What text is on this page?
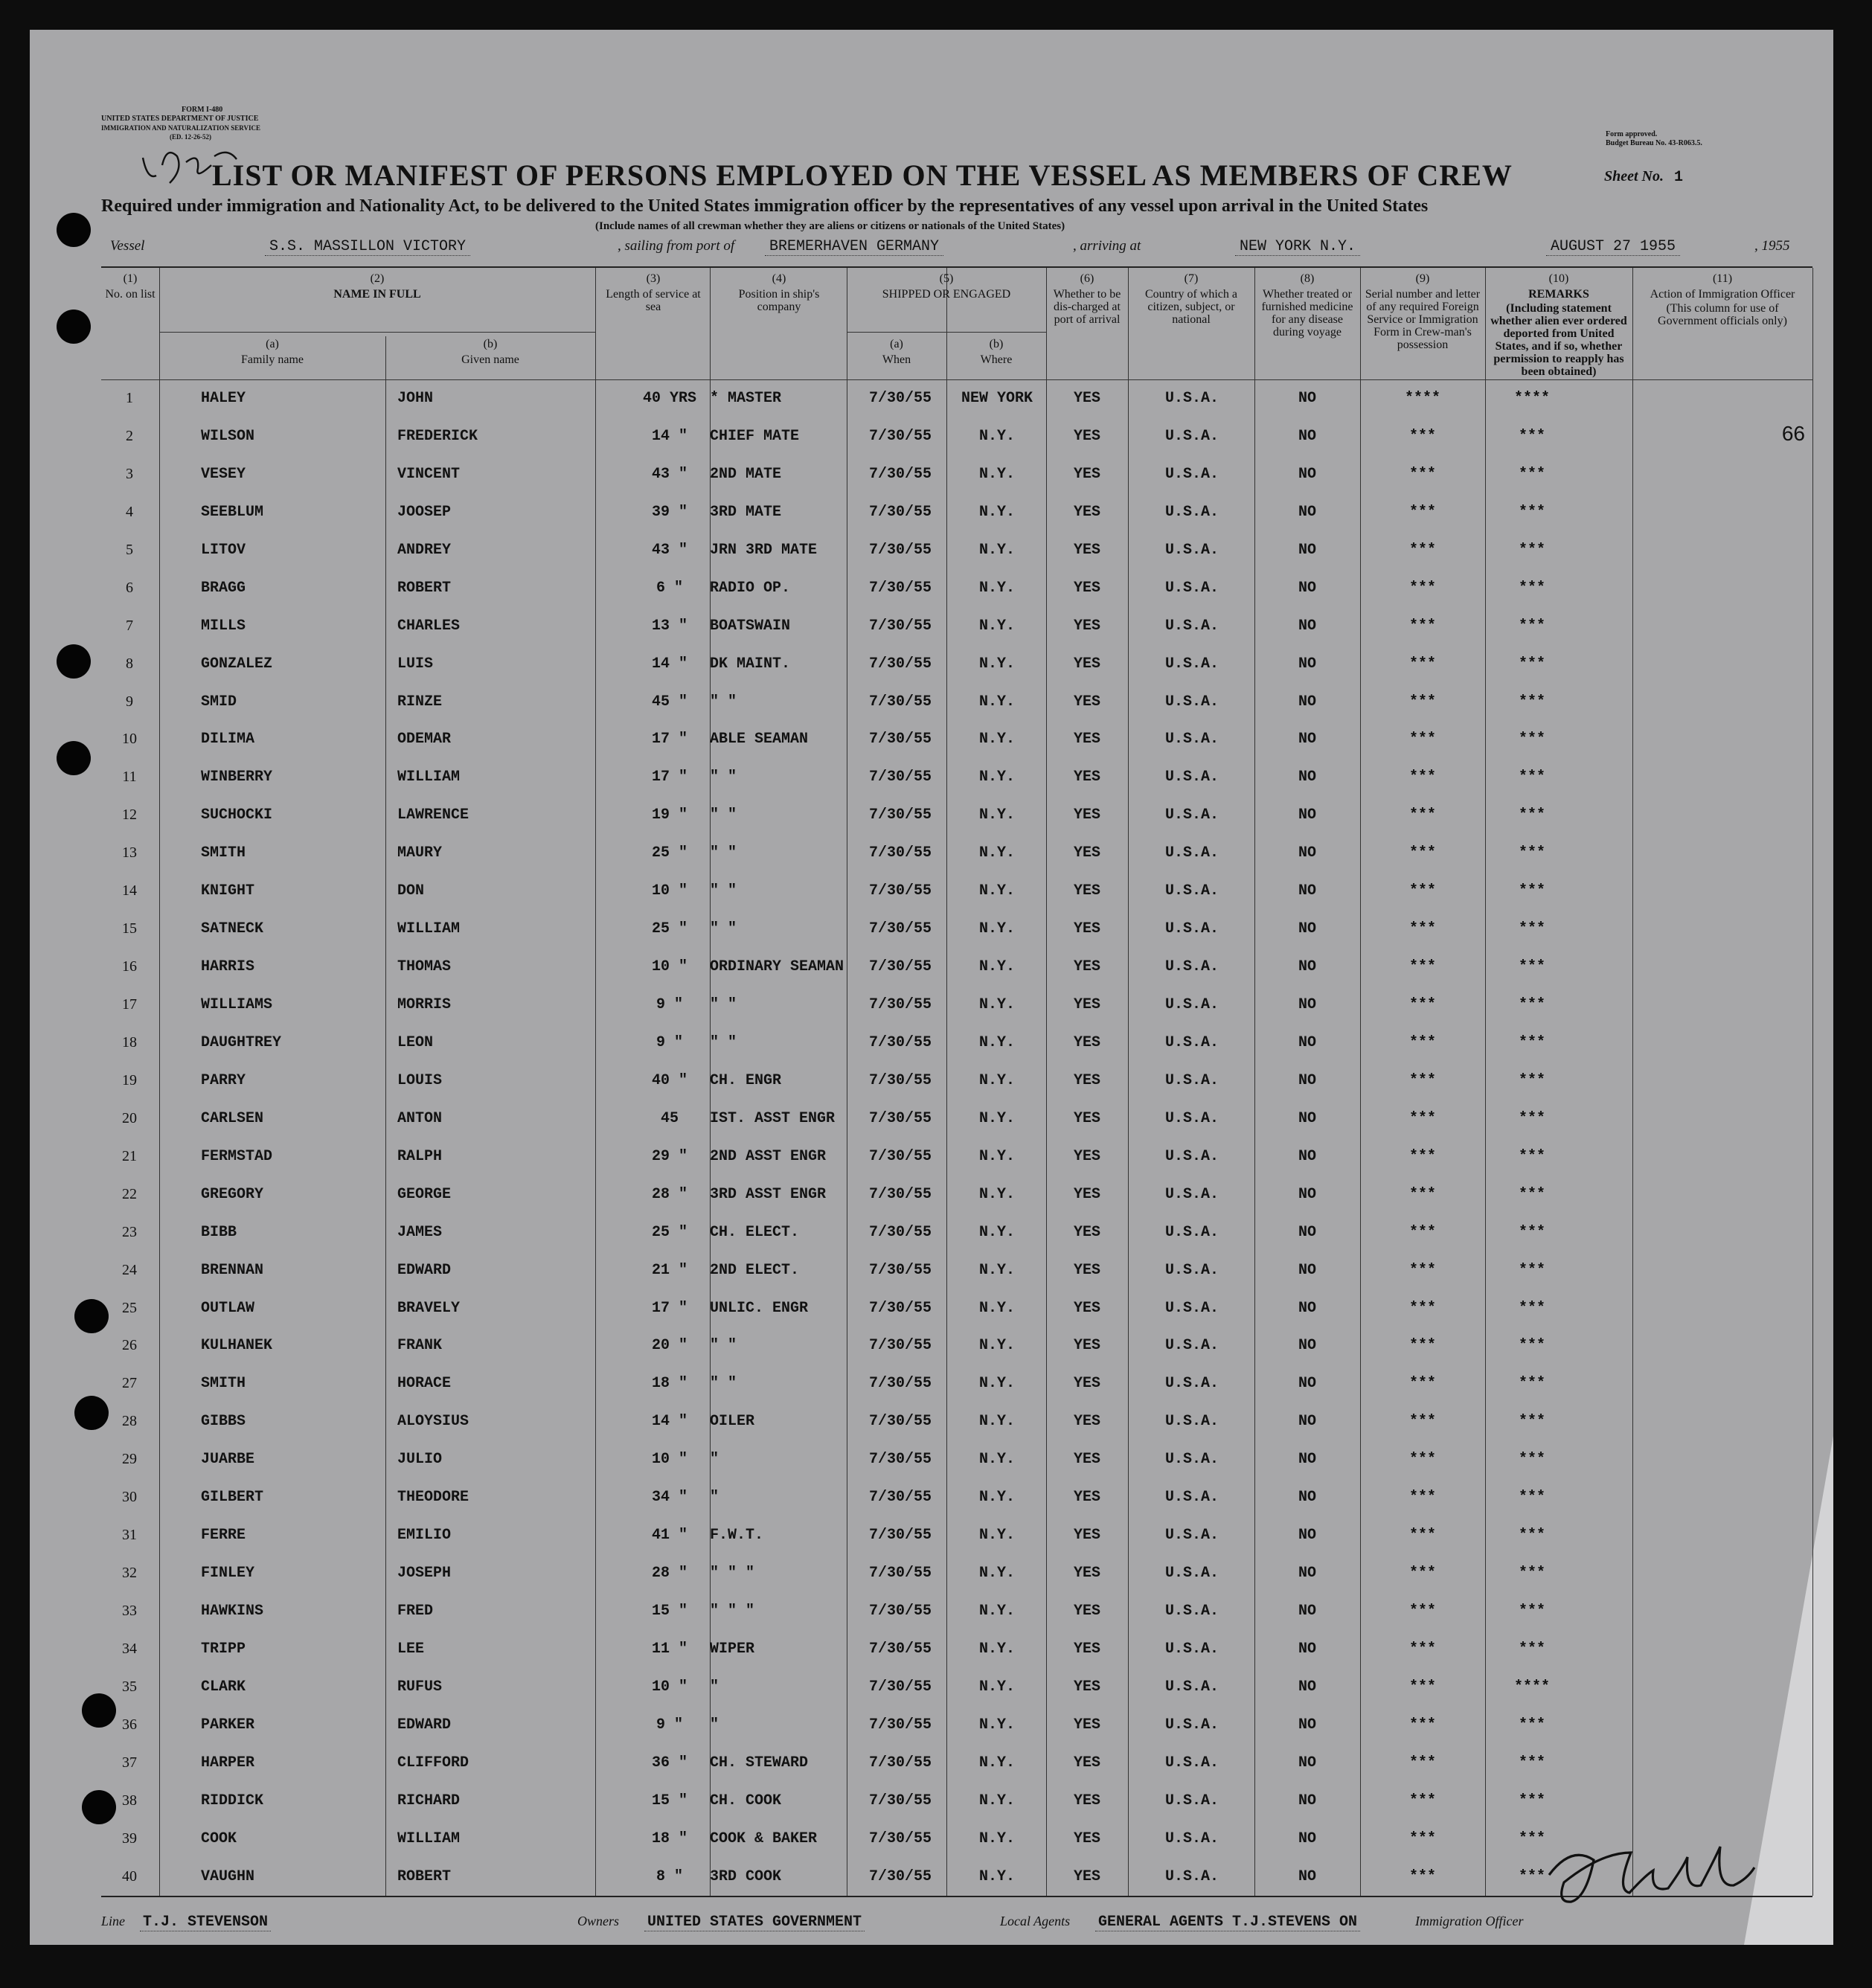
FORM I-480
UNITED STATES DEPARTMENT OF JUSTICE
IMMIGRATION AND NATURALIZATION SERVICE
(ED. 12-26-52)	Form approved.
Budget Bureau No. 43-R063.5.
LIST OR MANIFEST OF PERSONS EMPLOYED ON THE VESSEL AS MEMBERS OF CREW	Sheet No. 1
Required under immigration and Nationality Act, to be delivered to the United States immigration officer by the representatives of any vessel upon arrival in the United States
(Include names of all crewman whether they are aliens or citizens or nationals of the United States)
Vessel	S.S. MASSILLON VICTORY	, sailing from port of	BREMERHAVEN GERMANY	, arriving at	NEW YORK N.Y.	AUGUST 27 1955	, 1955
(1)
No. on list
(2)
NAME IN FULL
(a)
Family name
(b)
Given name
(3)
Length of service at sea
(4)
Position in ship's company
(5)
SHIPPED OR ENGAGED
(a)
When
(b)
Where
(6)
Whether to be dis-charged at port of arrival
(7)
Country of which a citizen, subject, or national
(8)
Whether treated or furnished medicine for any disease during voyage
(9)
Serial number and letter of any required Foreign Service or Immigration Form in Crew-man's possession
(10)
REMARKS
(Including statement whether alien ever ordered deported from United States, and if so, whether permission to reapply has been obtained)
(11)
Action of Immigration Officer
(This column for use of Government officials only)
1	HALEY	JOHN	40 YRS * MASTER	7/30/55	NEW YORK	YES	U.S.A.	NO	****	****
2	WILSON	FREDERICK	14 "	CHIEF MATE	7/30/55	N.Y.	YES	U.S.A.	NO	***	***	66
3	VESEY	VINCENT	43 "	2ND MATE	7/30/55	N.Y.	YES	U.S.A.	NO	***	***
4	SEEBLUM	JOOSEP	39 "	3RD MATE	7/30/55	N.Y.	YES	U.S.A.	NO	***	***
5	LITOV	ANDREY	43 "	JRN 3RD MATE	7/30/55	N.Y.	YES	U.S.A.	NO	***	***
6	BRAGG	ROBERT	6 "	RADIO OP.	7/30/55	N.Y.	YES	U.S.A.	NO	***	***
7	MILLS	CHARLES	13 "	BOATSWAIN	7/30/55	N.Y.	YES	U.S.A.	NO	***	***
8	GONZALEZ	LUIS	14 "	DK MAINT.	7/30/55	N.Y.	YES	U.S.A.	NO	***	***
9	SMID	RINZE	45 "	" "	7/30/55	N.Y.	YES	U.S.A.	NO	***	***
10	DILIMA	ODEMAR	17 "	ABLE SEAMAN	7/30/55	N.Y.	YES	U.S.A.	NO	***	***
11	WINBERRY	WILLIAM	17 "	" "	7/30/55	N.Y.	YES	U.S.A.	NO	***	***
12	SUCHOCKI	LAWRENCE	19 "	" "	7/30/55	N.Y.	YES	U.S.A.	NO	***	***
13	SMITH	MAURY	25 "	" "	7/30/55	N.Y.	YES	U.S.A.	NO	***	***
14	KNIGHT	DON	10 "	" "	7/30/55	N.Y.	YES	U.S.A.	NO	***	***
15	SATNECK	WILLIAM	25 "	" "	7/30/55	N.Y.	YES	U.S.A.	NO	***	***
16	HARRIS	THOMAS	10 "	ORDINARY SEAMAN	7/30/55	N.Y.	YES	U.S.A.	NO	***	***
17	WILLIAMS	MORRIS	9 "	" "	7/30/55	N.Y.	YES	U.S.A.	NO	***	***
18	DAUGHTREY	LEON	9 "	" "	7/30/55	N.Y.	YES	U.S.A.	NO	***	***
19	PARRY	LOUIS	40 "	CH. ENGR	7/30/55	N.Y.	YES	U.S.A.	NO	***	***
20	CARLSEN	ANTON	45	IST. ASST ENGR	7/30/55	N.Y.	YES	U.S.A.	NO	***	***
21	FERMSTAD	RALPH	29 "	2ND ASST ENGR	7/30/55	N.Y.	YES	U.S.A.	NO	***	***
22	GREGORY	GEORGE	28 "	3RD ASST ENGR	7/30/55	N.Y.	YES	U.S.A.	NO	***	***
23	BIBB	JAMES	25 "	CH. ELECT.	7/30/55	N.Y.	YES	U.S.A.	NO	***	***
24	BRENNAN	EDWARD	21 "	2ND ELECT.	7/30/55	N.Y.	YES	U.S.A.	NO	***	***
25	OUTLAW	BRAVELY	17 "	UNLIC. ENGR	7/30/55	N.Y.	YES	U.S.A.	NO	***	***
26	KULHANEK	FRANK	20 "	" "	7/30/55	N.Y.	YES	U.S.A.	NO	***	***
27	SMITH	HORACE	18 "	" "	7/30/55	N.Y.	YES	U.S.A.	NO	***	***
28	GIBBS	ALOYSIUS	14 "	OILER	7/30/55	N.Y.	YES	U.S.A.	NO	***	***
29	JUARBE	JULIO	10 "	"	7/30/55	N.Y.	YES	U.S.A.	NO	***	***
30	GILBERT	THEODORE	34 "	"	7/30/55	N.Y.	YES	U.S.A.	NO	***	***
31	FERRE	EMILIO	41 "	F.W.T.	7/30/55	N.Y.	YES	U.S.A.	NO	***	***
32	FINLEY	JOSEPH	28 "	" " "	7/30/55	N.Y.	YES	U.S.A.	NO	***	***
33	HAWKINS	FRED	15 "	" " "	7/30/55	N.Y.	YES	U.S.A.	NO	***	***
34	TRIPP	LEE	11 "	WIPER	7/30/55	N.Y.	YES	U.S.A.	NO	***	***
35	CLARK	RUFUS	10 "	"	7/30/55	N.Y.	YES	U.S.A.	NO	***	****
36	PARKER	EDWARD	9 "	"	7/30/55	N.Y.	YES	U.S.A.	NO	***	***
37	HARPER	CLIFFORD	36 "	CH. STEWARD	7/30/55	N.Y.	YES	U.S.A.	NO	***	***
38	RIDDICK	RICHARD	15 "	CH. COOK	7/30/55	N.Y.	YES	U.S.A.	NO	***	***
39	COOK	WILLIAM	18 "	COOK & BAKER	7/30/55	N.Y.	YES	U.S.A.	NO	***	***
40	VAUGHN	ROBERT	8 "	3RD COOK	7/30/55	N.Y.	YES	U.S.A.	NO	***	***
Line T.J. STEVENSON	Owners UNITED STATES GOVERNMENT	Local Agents GENERAL AGENTS T.J.STEVENS ON	Immigration Officer
